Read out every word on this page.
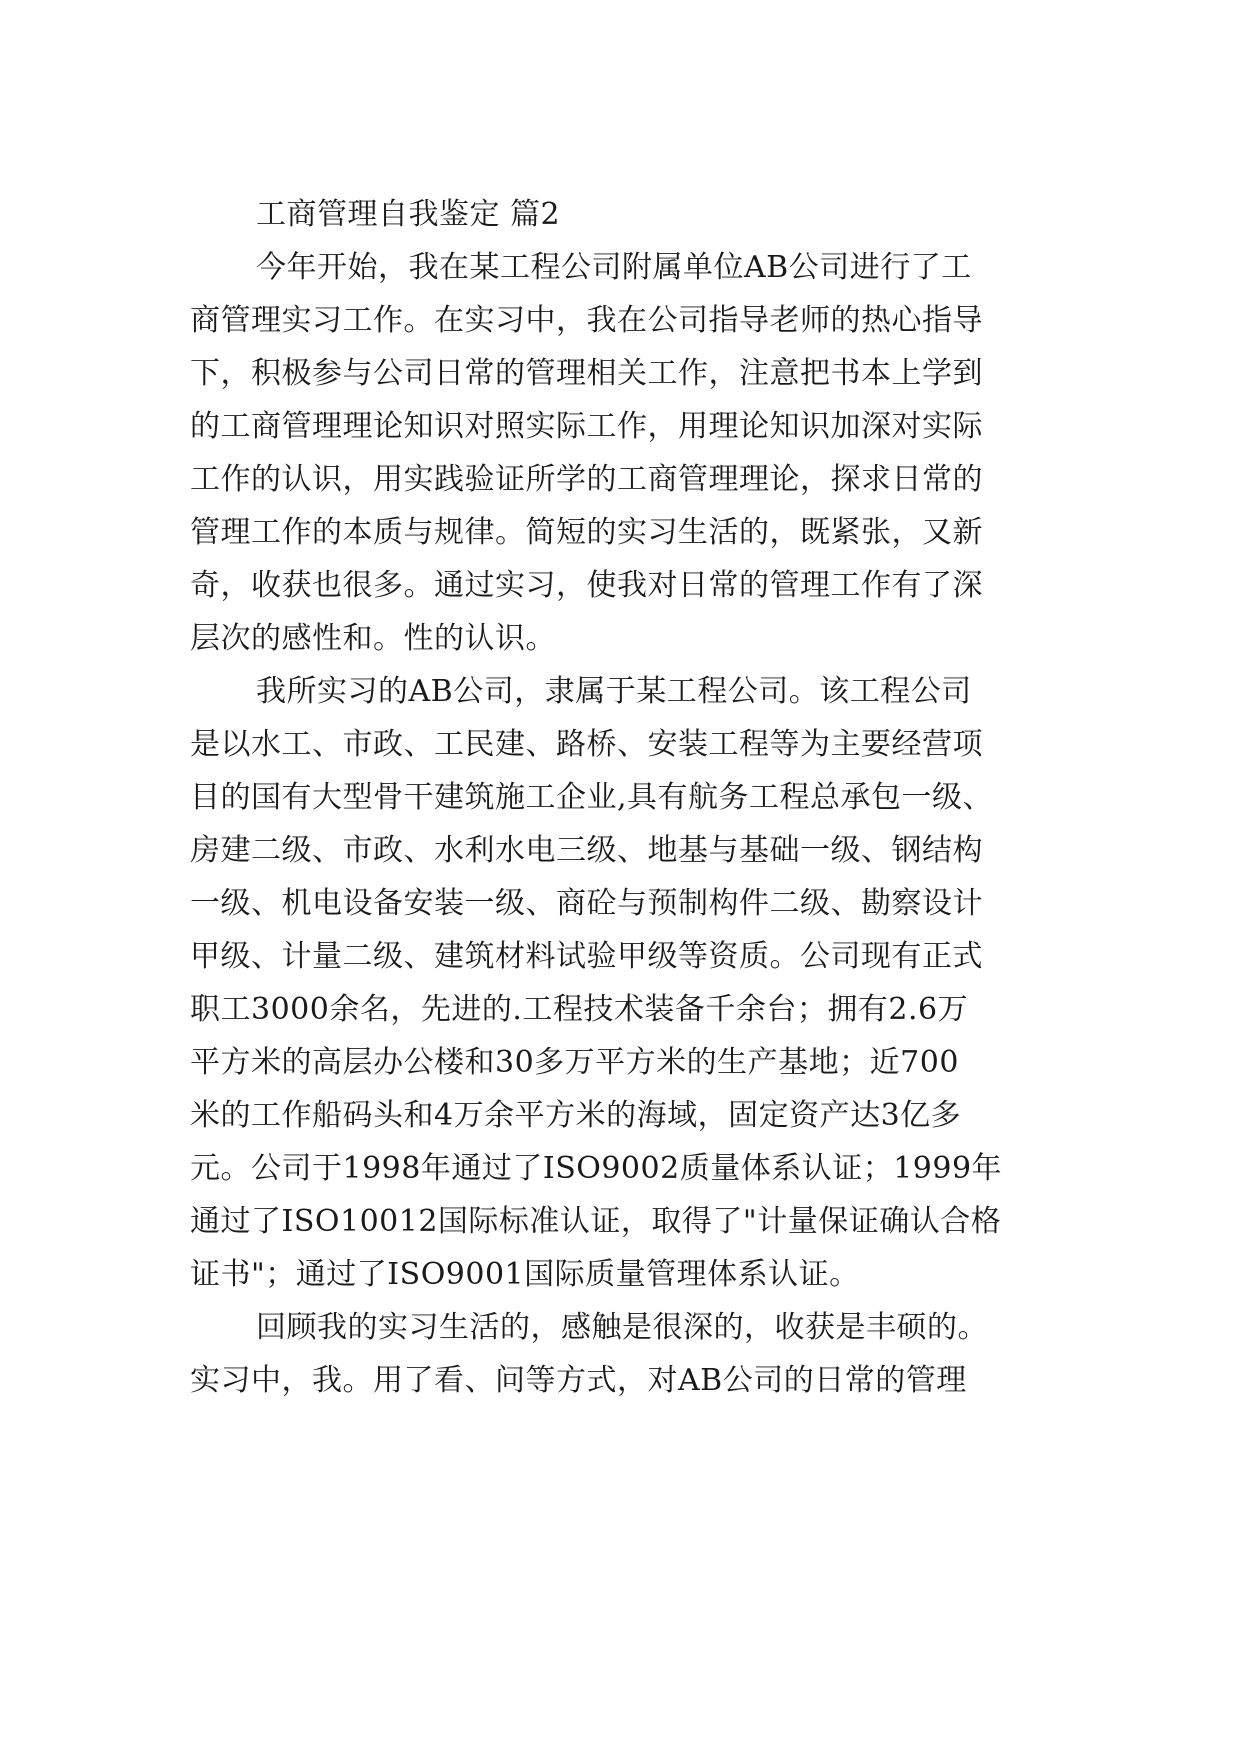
工商管理自我鉴定 篇2
今年开始，我在某工程公司附属单位AB公司进行了工
商管理实习工作。在实习中，我在公司指导老师的热心指导
下，积极参与公司日常的管理相关工作，注意把书本上学到
的工商管理理论知识对照实际工作，用理论知识加深对实际
工作的认识，用实践验证所学的工商管理理论，探求日常的
管理工作的本质与规律。简短的实习生活的，既紧张，又新
奇，收获也很多。通过实习，使我对日常的管理工作有了深
层次的感性和。性的认识。
我所实习的AB公司，隶属于某工程公司。该工程公司
是以水工、市政、工民建、路桥、安装工程等为主要经营项
目的国有大型骨干建筑施工企业,具有航务工程总承包一级、
房建二级、市政、水利水电三级、地基与基础一级、钢结构
一级、机电设备安装一级、商砼与预制构件二级、勘察设计
甲级、计量二级、建筑材料试验甲级等资质。公司现有正式
职工3000余名，先进的.工程技术装备千余台；拥有2.6万
平方米的高层办公楼和30多万平方米的生产基地；近700
米的工作船码头和4万余平方米的海域，固定资产达3亿多
元。公司于1998年通过了ISO9002质量体系认证；1999年
通过了ISO10012国际标准认证，取得了"计量保证确认合格
证书"；通过了ISO9001国际质量管理体系认证。
回顾我的实习生活的，感触是很深的，收获是丰硕的。
实习中，我。用了看、问等方式，对AB公司的日常的管理
